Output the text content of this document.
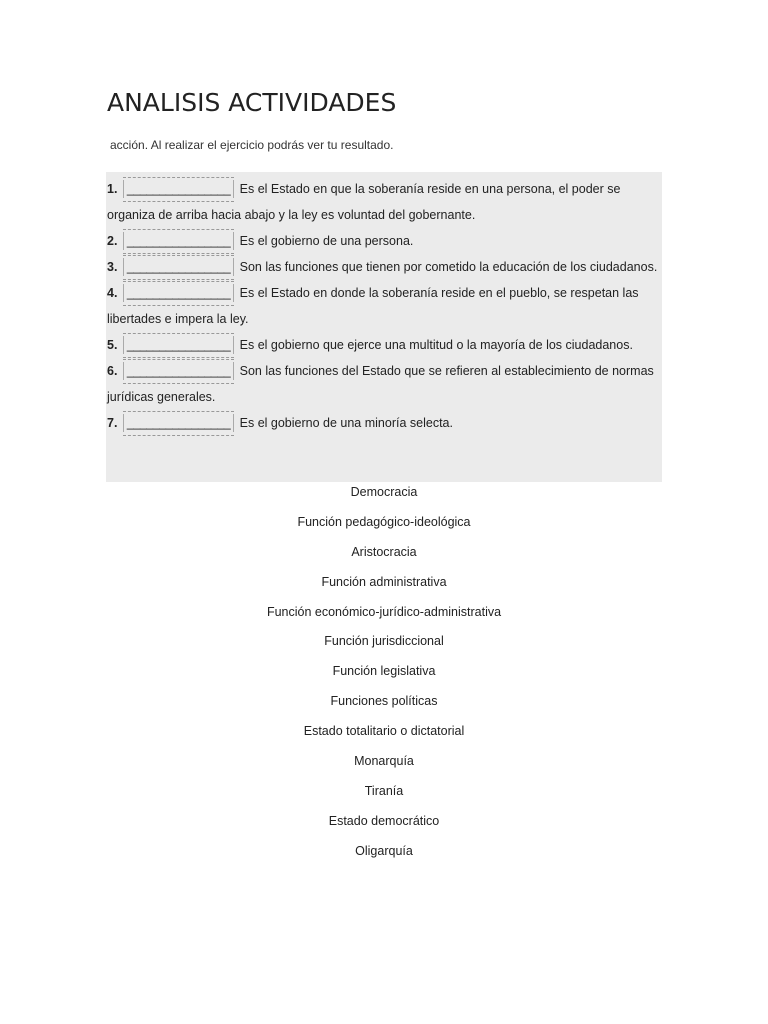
ANALISIS ACTIVIDADES
acción. Al realizar el ejercicio podrás ver tu resultado.

1. ________________ Es el Estado en que la soberanía reside en una persona, el poder se organiza de arriba hacia abajo y la ley es voluntad del gobernante.

2. ________________ Es el gobierno de una persona.

3. ________________ Son las funciones que tienen por cometido la educación de los ciudadanos.

4. ________________ Es el Estado en donde la soberanía reside en el pueblo, se respetan las libertades e impera la ley.

5. ________________ Es el gobierno que ejerce una multitud o la mayoría de los ciudadanos.

6. ________________ Son las funciones del Estado que se refieren al establecimiento de normas jurídicas generales.

7. ________________ Es el gobierno de una minoría selecta.

Democracia
Función pedagógico-ideológica
Aristocracia
Función administrativa
Función económico-jurídico-administrativa
Función jurisdiccional
Función legislativa
Funciones políticas
Estado totalitario o dictatorial
Monarquía
Tiranía
Estado democrático
Oligarquía
